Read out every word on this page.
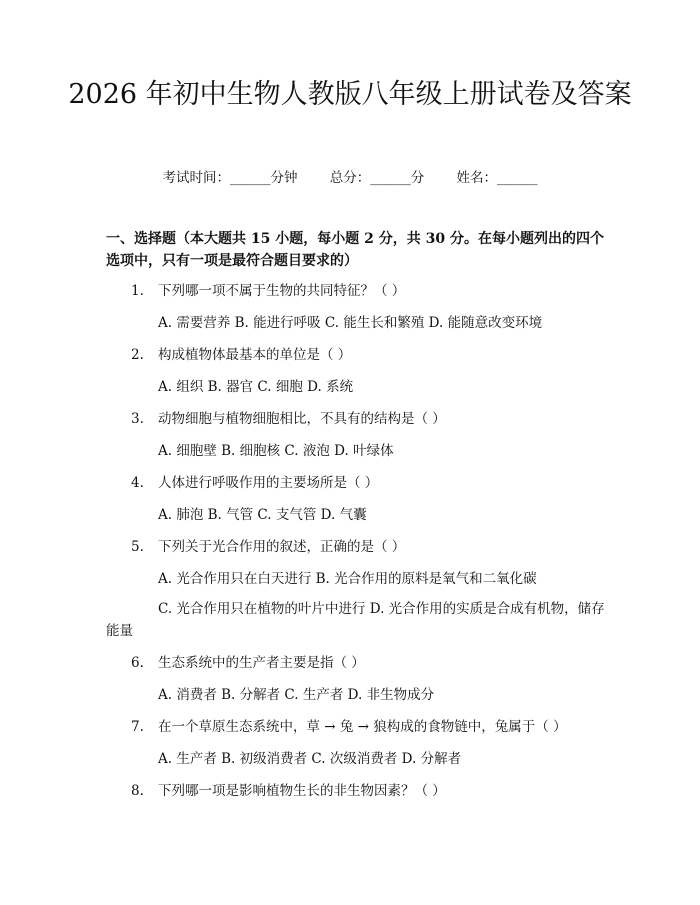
2026 年初中生物人教版八年级上册试卷及答案
考试时间：______分钟 总分：______分 姓名：______
一、选择题（本大题共 15 小题，每小题 2 分，共 30 分。在每小题列出的四个选项中，只有一项是最符合题目要求的）
1. 下列哪一项不属于生物的共同特征？（ ）
A. 需要营养 B. 能进行呼吸 C. 能生长和繁殖 D. 能随意改变环境
2. 构成植物体最基本的单位是（ ）
A. 组织 B. 器官 C. 细胞 D. 系统
3. 动物细胞与植物细胞相比，不具有的结构是（ ）
A. 细胞壁 B. 细胞核 C. 液泡 D. 叶绿体
4. 人体进行呼吸作用的主要场所是（ ）
A. 肺泡 B. 气管 C. 支气管 D. 气囊
5. 下列关于光合作用的叙述，正确的是（ ）
A. 光合作用只在白天进行 B. 光合作用的原料是氧气和二氧化碳
C. 光合作用只在植物的叶片中进行 D. 光合作用的实质是合成有机物，储存能量
6. 生态系统中的生产者主要是指（ ）
A. 消费者 B. 分解者 C. 生产者 D. 非生物成分
7. 在一个草原生态系统中，草 → 兔 → 狼构成的食物链中，兔属于（ ）
A. 生产者 B. 初级消费者 C. 次级消费者 D. 分解者
8. 下列哪一项是影响植物生长的非生物因素？（ ）
